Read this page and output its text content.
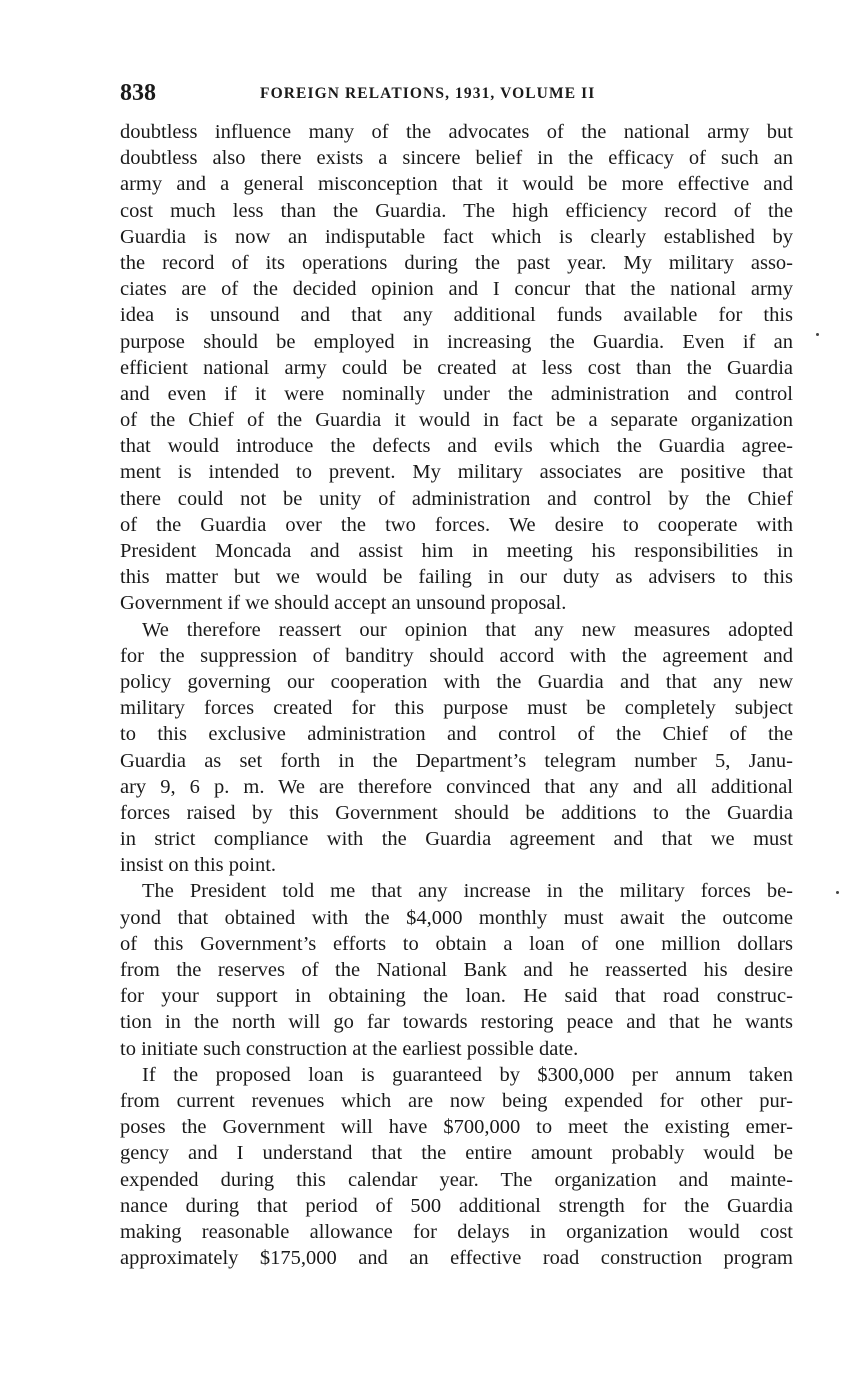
838	FOREIGN RELATIONS, 1931, VOLUME II
doubtless influence many of the advocates of the national army but
doubtless also there exists a sincere belief in the efficacy of such an
army and a general misconception that it would be more effective and
cost much less than the Guardia. The high efficiency record of the
Guardia is now an indisputable fact which is clearly established by
the record of its operations during the past year. My military asso-
ciates are of the decided opinion and I concur that the national army
idea is unsound and that any additional funds available for this
purpose should be employed in increasing the Guardia. Even if an
efficient national army could be created at less cost than the Guardia
and even if it were nominally under the administration and control
of the Chief of the Guardia it would in fact be a separate organization
that would introduce the defects and evils which the Guardia agree-
ment is intended to prevent. My military associates are positive that
there could not be unity of administration and control by the Chief
of the Guardia over the two forces. We desire to cooperate with
President Moncada and assist him in meeting his responsibilities in
this matter but we would be failing in our duty as advisers to this
Government if we should accept an unsound proposal.
We therefore reassert our opinion that any new measures adopted
for the suppression of banditry should accord with the agreement and
policy governing our cooperation with the Guardia and that any new
military forces created for this purpose must be completely subject
to this exclusive administration and control of the Chief of the
Guardia as set forth in the Department’s telegram number 5, Janu-
ary 9, 6 p. m. We are therefore convinced that any and all additional
forces raised by this Government should be additions to the Guardia
in strict compliance with the Guardia agreement and that we must
insist on this point.
The President told me that any increase in the military forces be-
yond that obtained with the $4,000 monthly must await the outcome
of this Government’s efforts to obtain a loan of one million dollars
from the reserves of the National Bank and he reasserted his desire
for your support in obtaining the loan. He said that road construc-
tion in the north will go far towards restoring peace and that he wants
to initiate such construction at the earliest possible date.
If the proposed loan is guaranteed by $300,000 per annum taken
from current revenues which are now being expended for other pur-
poses the Government will have $700,000 to meet the existing emer-
gency and I understand that the entire amount probably would be
expended during this calendar year. The organization and mainte-
nance during that period of 500 additional strength for the Guardia
making reasonable allowance for delays in organization would cost
approximately $175,000 and an effective road construction program
